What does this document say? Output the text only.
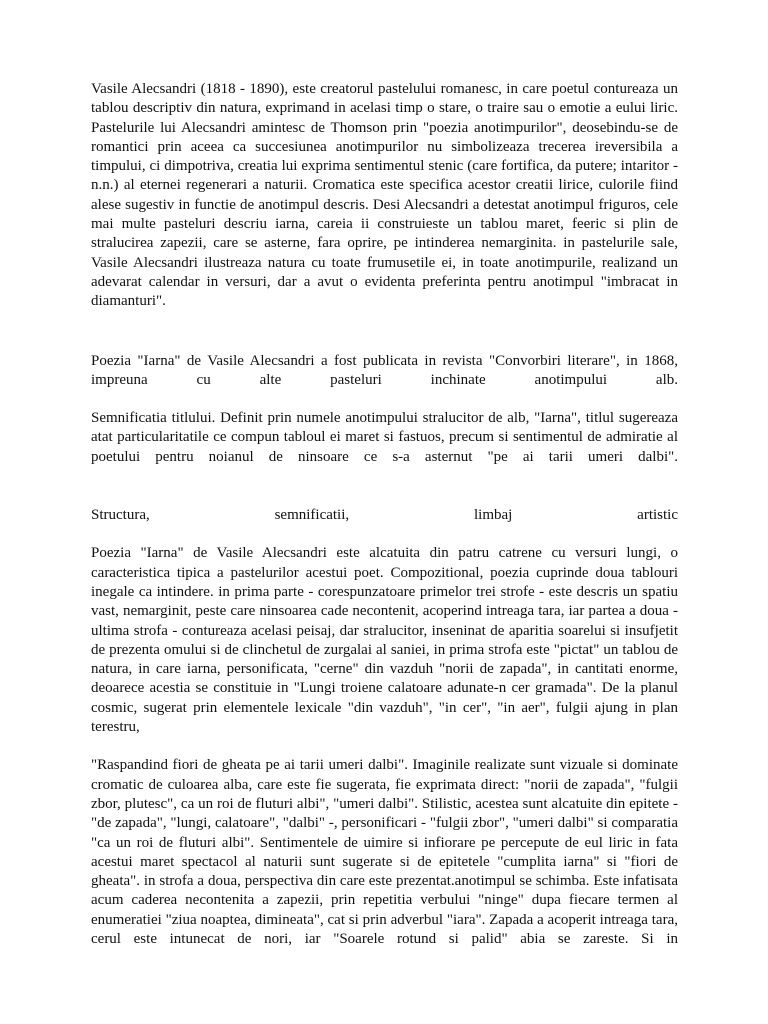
Vasile Alecsandri (1818 - 1890), este creatorul pastelului romanesc, in care poetul contureaza un tablou descriptiv din natura, exprimand in acelasi timp o stare, o traire sau o emotie a eului liric. Pastelurile lui Alecsandri amintesc de Thomson prin "poezia anotimpurilor", deosebindu-se de romantici prin aceea ca succesiunea anotimpurilor nu simbolizeaza trecerea ireversibila a timpului, ci dimpotriva, creatia lui exprima sentimentul stenic (care fortifica, da putere; intaritor - n.n.) al eternei regenerari a naturii. Cromatica este specifica acestor creatii lirice, culorile fiind alese sugestiv in functie de anotimpul descris. Desi Alecsandri a detestat anotimpul friguros, cele mai multe pasteluri descriu iarna, careia ii construieste un tablou maret, feeric si plin de stralucirea zapezii, care se asterne, fara oprire, pe intinderea nemarginita. in pastelurile sale, Vasile Alecsandri ilustreaza natura cu toate frumusetile ei, in toate anotimpurile, realizand un adevarat calendar in versuri, dar a avut o evidenta preferinta pentru anotimpul "imbracat in diamanturi".

Poezia "Iarna" de Vasile Alecsandri a fost publicata in revista "Convorbiri literare", in 1868, impreuna cu alte pasteluri inchinate anotimpului alb.

Semnificatia titlului. Definit prin numele anotimpului stralucitor de alb, "Iarna", titlul sugereaza atat particularitatile ce compun tabloul ei maret si fastuos, precum si sentimentul de admiratie al poetului pentru noianul de ninsoare ce s-a asternut "pe ai tarii umeri dalbi".

Structura, semnificatii, limbaj artistic

Poezia "Iarna" de Vasile Alecsandri este alcatuita din patru catrene cu versuri lungi, o caracteristica tipica a pastelurilor acestui poet. Compozitional, poezia cuprinde doua tablouri inegale ca intindere. in prima parte - corespunzatoare primelor trei strofe - este descris un spatiu vast, nemarginit, peste care ninsoarea cade necontenit, acoperind intreaga tara, iar partea a doua - ultima strofa - contureaza acelasi peisaj, dar stralucitor, inseninat de aparitia soarelui si insufjetit de prezenta omului si de clinchetul de zurgalai al saniei, in prima strofa este "pictat" un tablou de natura, in care iarna, personificata, "cerne" din vazduh "norii de zapada", in cantitati enorme, deoarece acestia se constituie in "Lungi troiene calatoare adunate-n cer gramada". De la planul cosmic, sugerat prin elementele lexicale "din vazduh", "in cer", "in aer", fulgii ajung in plan terestru,

"Raspandind fiori de gheata pe ai tarii umeri dalbi". Imaginile realizate sunt vizuale si dominate cromatic de culoarea alba, care este fie sugerata, fie exprimata direct: "norii de zapada", "fulgii zbor, plutesc", ca un roi de fluturi albi", "umeri dalbi". Stilistic, acestea sunt alcatuite din epitete - "de zapada", "lungi, calatoare", "dalbi" -, personificari - "fulgii zbor", "umeri dalbi" si comparatia "ca un roi de fluturi albi". Sentimentele de uimire si infiorare pe percepute de eul liric in fata acestui maret spectacol al naturii sunt sugerate si de epitetele "cumplita iarna" si "fiori de gheata". in strofa a doua, perspectiva din care este prezentat.anotimpul se schimba. Este infatisata acum caderea necontenita a zapezii, prin repetitia verbului "ninge" dupa fiecare termen al enumeratiei "ziua noaptea, dimineata", cat si prin adverbul "iara". Zapada a acoperit intreaga tara, cerul este intunecat de nori, iar "Soarele rotund si palid" abia se zareste. Si in
